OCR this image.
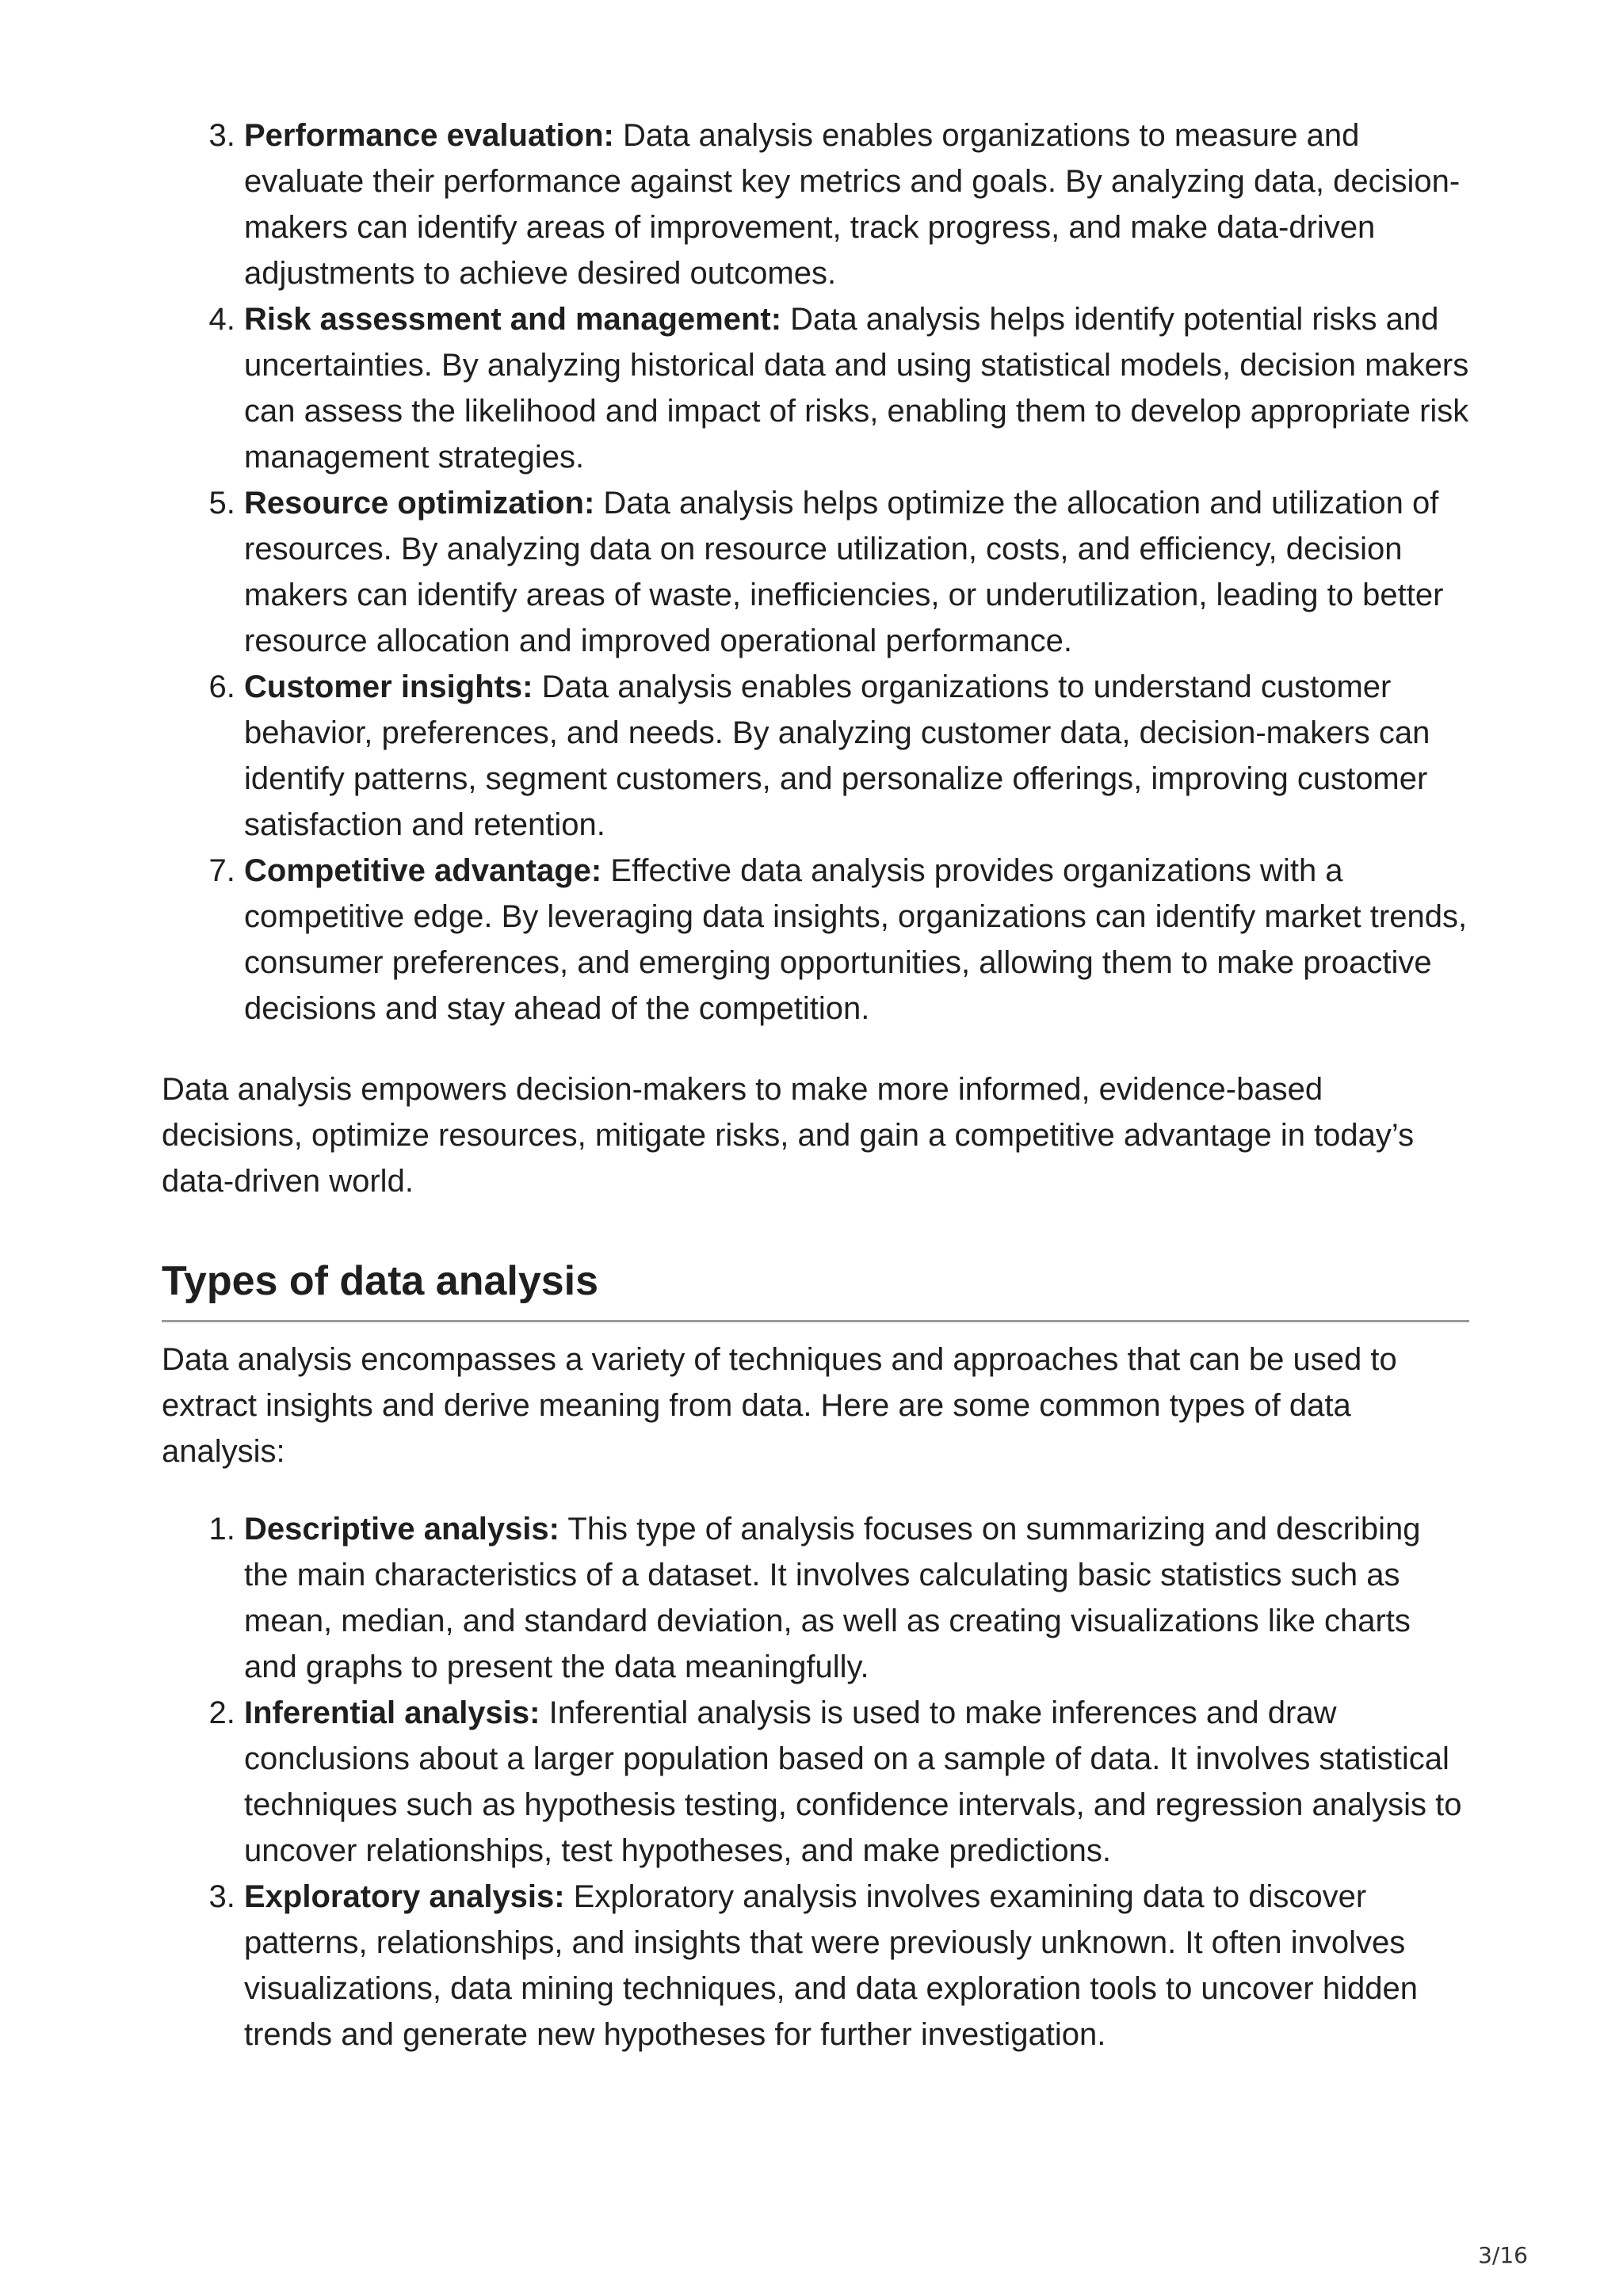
3. Performance evaluation: Data analysis enables organizations to measure and evaluate their performance against key metrics and goals. By analyzing data, decision-makers can identify areas of improvement, track progress, and make data-driven adjustments to achieve desired outcomes.
4. Risk assessment and management: Data analysis helps identify potential risks and uncertainties. By analyzing historical data and using statistical models, decision makers can assess the likelihood and impact of risks, enabling them to develop appropriate risk management strategies.
5. Resource optimization: Data analysis helps optimize the allocation and utilization of resources. By analyzing data on resource utilization, costs, and efficiency, decision makers can identify areas of waste, inefficiencies, or underutilization, leading to better resource allocation and improved operational performance.
6. Customer insights: Data analysis enables organizations to understand customer behavior, preferences, and needs. By analyzing customer data, decision-makers can identify patterns, segment customers, and personalize offerings, improving customer satisfaction and retention.
7. Competitive advantage: Effective data analysis provides organizations with a competitive edge. By leveraging data insights, organizations can identify market trends, consumer preferences, and emerging opportunities, allowing them to make proactive decisions and stay ahead of the competition.

Data analysis empowers decision-makers to make more informed, evidence-based decisions, optimize resources, mitigate risks, and gain a competitive advantage in today’s data-driven world.

Types of data analysis

Data analysis encompasses a variety of techniques and approaches that can be used to extract insights and derive meaning from data. Here are some common types of data analysis:

1. Descriptive analysis: This type of analysis focuses on summarizing and describing the main characteristics of a dataset. It involves calculating basic statistics such as mean, median, and standard deviation, as well as creating visualizations like charts and graphs to present the data meaningfully.
2. Inferential analysis: Inferential analysis is used to make inferences and draw conclusions about a larger population based on a sample of data. It involves statistical techniques such as hypothesis testing, confidence intervals, and regression analysis to uncover relationships, test hypotheses, and make predictions.
3. Exploratory analysis: Exploratory analysis involves examining data to discover patterns, relationships, and insights that were previously unknown. It often involves visualizations, data mining techniques, and data exploration tools to uncover hidden trends and generate new hypotheses for further investigation.
3/16
